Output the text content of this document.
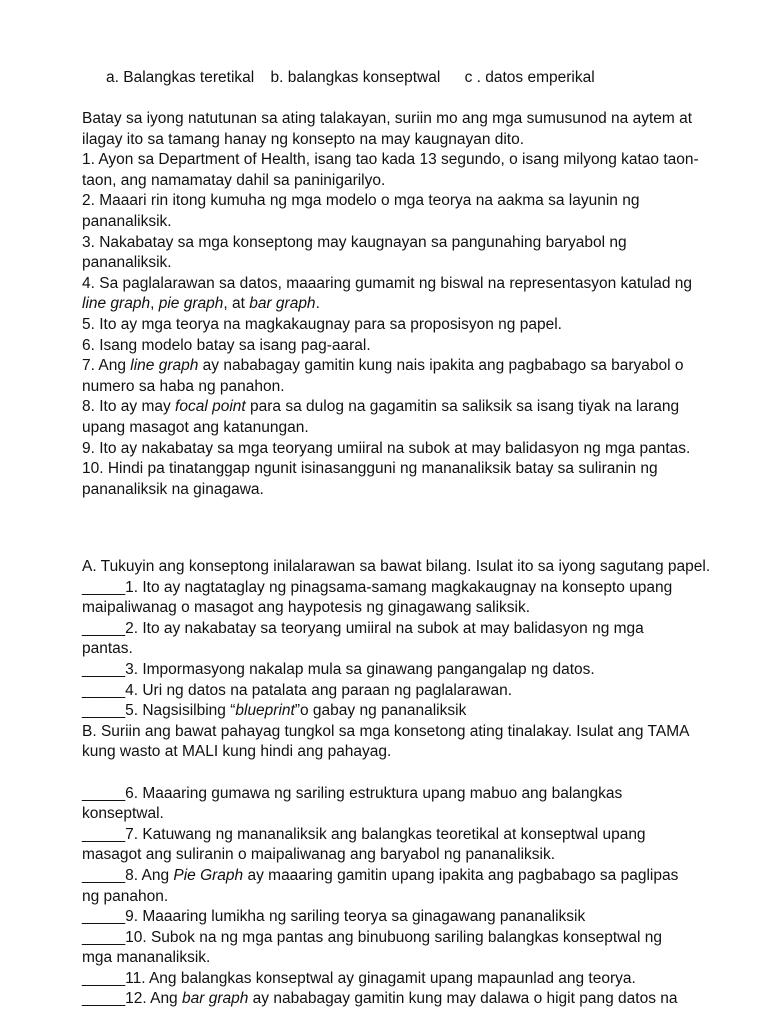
a. Balangkas teretikal b. balangkas konseptwal c . datos emperikal

Batay sa iyong natutunan sa ating talakayan, suriin mo ang mga sumusunod na aytem at

ilagay ito sa tamang hanay ng konsepto na may kaugnayan dito.

1. Ayon sa Department of Health, isang tao kada 13 segundo, o isang milyong katao taon-

taon, ang namamatay dahil sa paninigarilyo.

2. Maaari rin itong kumuha ng mga modelo o mga teorya na aakma sa layunin ng

pananaliksik.

3. Nakabatay sa mga konseptong may kaugnayan sa pangunahing baryabol ng

pananaliksik.

4. Sa paglalarawan sa datos, maaaring gumamit ng biswal na representasyon katulad ng

line graph, pie graph, at bar graph.

5. Ito ay mga teorya na magkakaugnay para sa proposisyon ng papel.

6. Isang modelo batay sa isang pag-aaral.

7. Ang line graph ay nababagay gamitin kung nais ipakita ang pagbabago sa baryabol o

numero sa haba ng panahon.

8. Ito ay may focal point para sa dulog na gagamitin sa saliksik sa isang tiyak na larang

upang masagot ang katanungan.

9. Ito ay nakabatay sa mga teoryang umiiral na subok at may balidasyon ng mga pantas.

10. Hindi pa tinatanggap ngunit isinasangguni ng mananaliksik batay sa suliranin ng

pananaliksik na ginagawa.

A. Tukuyin ang konseptong inilalarawan sa bawat bilang. Isulat ito sa iyong sagutang papel.

_____1. Ito ay nagtataglay ng pinagsama-samang magkakaugnay na konsepto upang

maipaliwanag o masagot ang haypotesis ng ginagawang saliksik.

_____2. Ito ay nakabatay sa teoryang umiiral na subok at may balidasyon ng mga

pantas.

_____3. Impormasyong nakalap mula sa ginawang pangangalap ng datos.

_____4. Uri ng datos na patalata ang paraan ng paglalarawan.

_____5. Nagsisilbing “blueprint”o gabay ng pananaliksik

B. Suriin ang bawat pahayag tungkol sa mga konsetong ating tinalakay. Isulat ang TAMA

kung wasto at MALI kung hindi ang pahayag.

_____6. Maaaring gumawa ng sariling estruktura upang mabuo ang balangkas

konseptwal.

_____7. Katuwang ng mananaliksik ang balangkas teoretikal at konseptwal upang

masagot ang suliranin o maipaliwanag ang baryabol ng pananaliksik.

_____8. Ang Pie Graph ay maaaring gamitin upang ipakita ang pagbabago sa paglipas

ng panahon.

_____9. Maaaring lumikha ng sariling teorya sa ginagawang pananaliksik

_____10. Subok na ng mga pantas ang binubuong sariling balangkas konseptwal ng

mga mananaliksik.

_____11. Ang balangkas konseptwal ay ginagamit upang mapaunlad ang teorya.

_____12. Ang bar graph ay nababagay gamitin kung may dalawa o higit pang datos na
